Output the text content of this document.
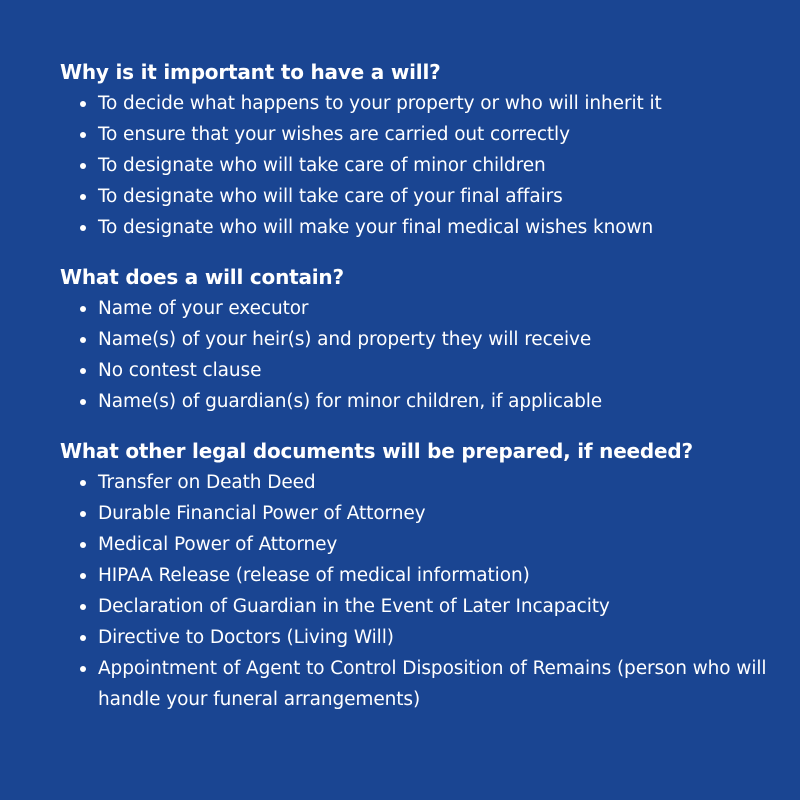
Why is it important to have a will?
To decide what happens to your property or who will inherit it
To ensure that your wishes are carried out correctly
To designate who will take care of minor children
To designate who will take care of your final affairs
To designate who will make your final medical wishes known
What does a will contain?
Name of your executor
Name(s) of your heir(s) and property they will receive
No contest clause
Name(s) of guardian(s) for minor children, if applicable
What other legal documents will be prepared, if needed?
Transfer on Death Deed
Durable Financial Power of Attorney
Medical Power of Attorney
HIPAA Release (release of medical information)
Declaration of Guardian in the Event of Later Incapacity
Directive to Doctors (Living Will)
Appointment of Agent to Control Disposition of Remains (person who will handle your funeral arrangements)
